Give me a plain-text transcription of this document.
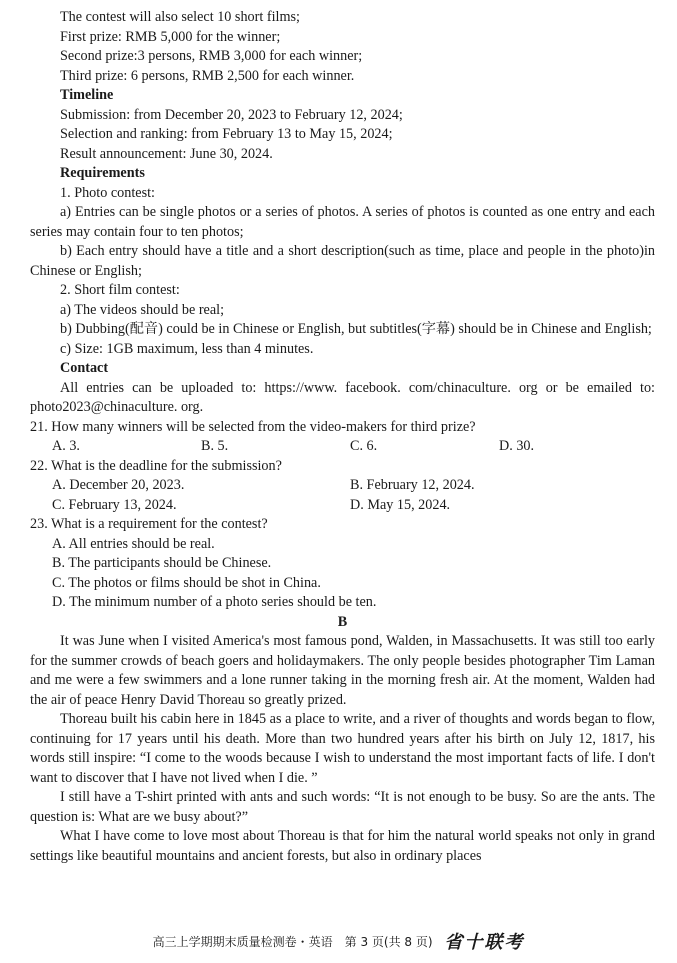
The contest will also select 10 short films;
First prize: RMB 5,000 for the winner;
Second prize:3 persons, RMB 3,000 for each winner;
Third prize: 6 persons, RMB 2,500 for each winner.
Timeline
Submission: from December 20, 2023 to February 12, 2024;
Selection and ranking: from February 13 to May 15, 2024;
Result announcement: June 30, 2024.
Requirements
1. Photo contest:
a) Entries can be single photos or a series of photos. A series of photos is counted as one entry and each series may contain four to ten photos;
b) Each entry should have a title and a short description(such as time, place and people in the photo)in Chinese or English;
2. Short film contest:
a) The videos should be real;
b) Dubbing(配音) could be in Chinese or English, but subtitles(字幕) should be in Chinese and English;
c) Size: 1GB maximum, less than 4 minutes.
Contact
All entries can be uploaded to: https://www. facebook. com/chinaculture. org or be emailed to: photo2023@chinaculture. org.
21. How many winners will be selected from the video-makers for third prize?
A. 3.	B. 5.	C. 6.	D. 30.
22. What is the deadline for the submission?
A. December 20, 2023.	B. February 12, 2024.
C. February 13, 2024.	D. May 15, 2024.
23. What is a requirement for the contest?
A. All entries should be real.
B. The participants should be Chinese.
C. The photos or films should be shot in China.
D. The minimum number of a photo series should be ten.
B
It was June when I visited America's most famous pond, Walden, in Massachusetts. It was still too early for the summer crowds of beach goers and holidaymakers. The only people besides photographer Tim Laman and me were a few swimmers and a lone runner taking in the morning fresh air. At the moment, Walden had the air of peace Henry David Thoreau so greatly prized.
Thoreau built his cabin here in 1845 as a place to write, and a river of thoughts and words began to flow, continuing for 17 years until his death. More than two hundred years after his birth on July 12, 1817, his words still inspire: “I come to the woods because I wish to understand the most important facts of life. I don't want to discover that I have not lived when I die. ”
I still have a T-shirt printed with ants and such words: “It is not enough to be busy. So are the ants. The question is: What are we busy about?”
What I have come to love most about Thoreau is that for him the natural world speaks not only in grand settings like beautiful mountains and ancient forests, but also in ordinary places
高三上学期期末质量检测卷・英语　第 3 页(共 8 页) 省十联考
